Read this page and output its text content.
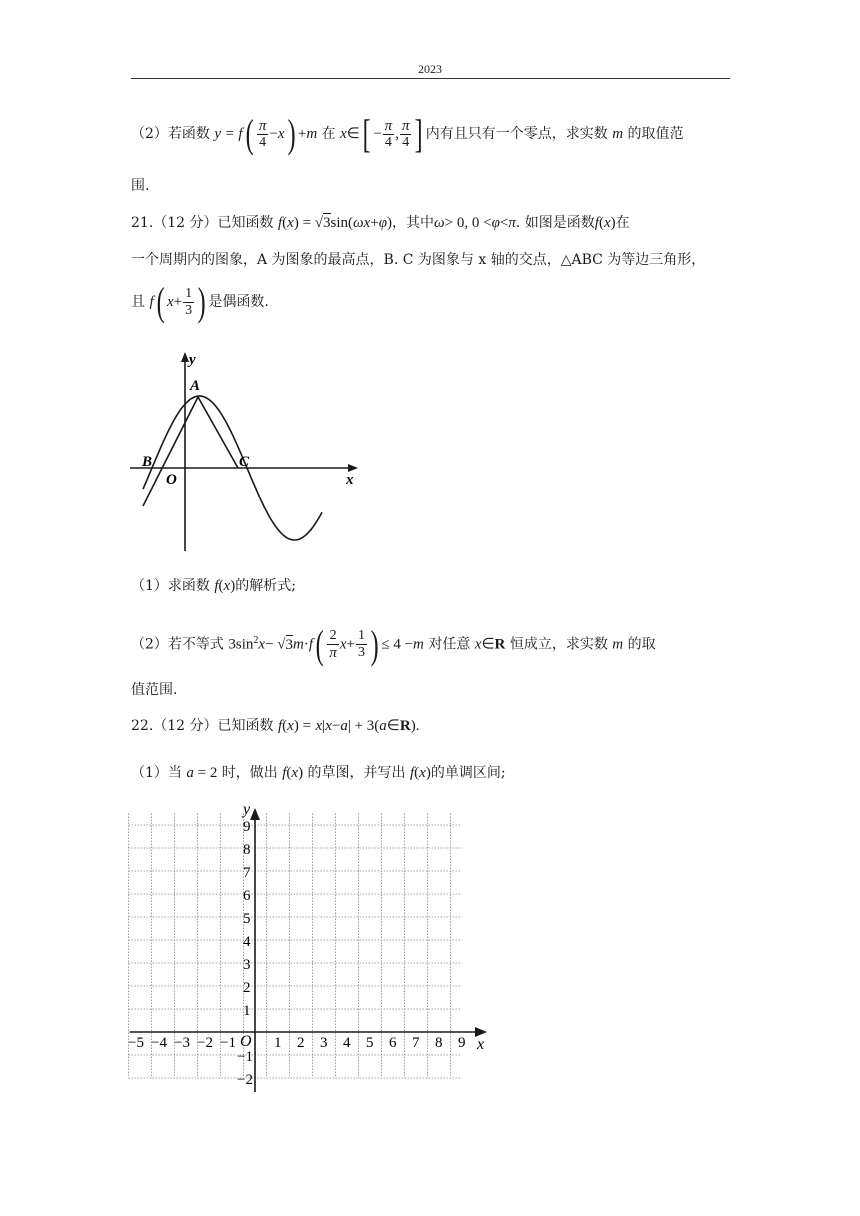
2023
（2）若函数 $y = f( \frac{\pi}{4} -x) +m$ 在 x∈[ − $\frac{\pi}{4}$ , $\frac{\pi}{4}$ ] 内有且只有一个零点，求实数 m 的取值范
围.
21.（12 分）已知函数 f(x) = √3sin(ωx+φ)，其中ω> 0, 0 <φ<π. 如图是函数f(x)在
一个周期内的图象，A 为图象的最高点，B. C 为图象与 x 轴的交点，△ABC 为等边三角形，
且 f( $x+ \frac{1}{3}$ ) 是偶函数.
A
B	C
O	x
y
（1）求函数 f(x)的解析式;
（2）若不等式 $3\sin^2x- √3m\cdot f( \frac{2}{\pi} x+ \frac{1}{3}$ ) ≤ 4 −m 对任意 x∈R 恒成立，求实数 m 的取
值范围.
22.（12 分）已知函数 f(x) = x|x−a| + 3(a∈R).
（1）当 a = 2 时，做出 f(x) 的草图，并写出 f(x)的单调区间;
−5 −4 −3 −2 −1	1 2 3 4 5 6 7 8 9
9
8
7
6
5
4
3
2
1
−1
−2
O	x
y
